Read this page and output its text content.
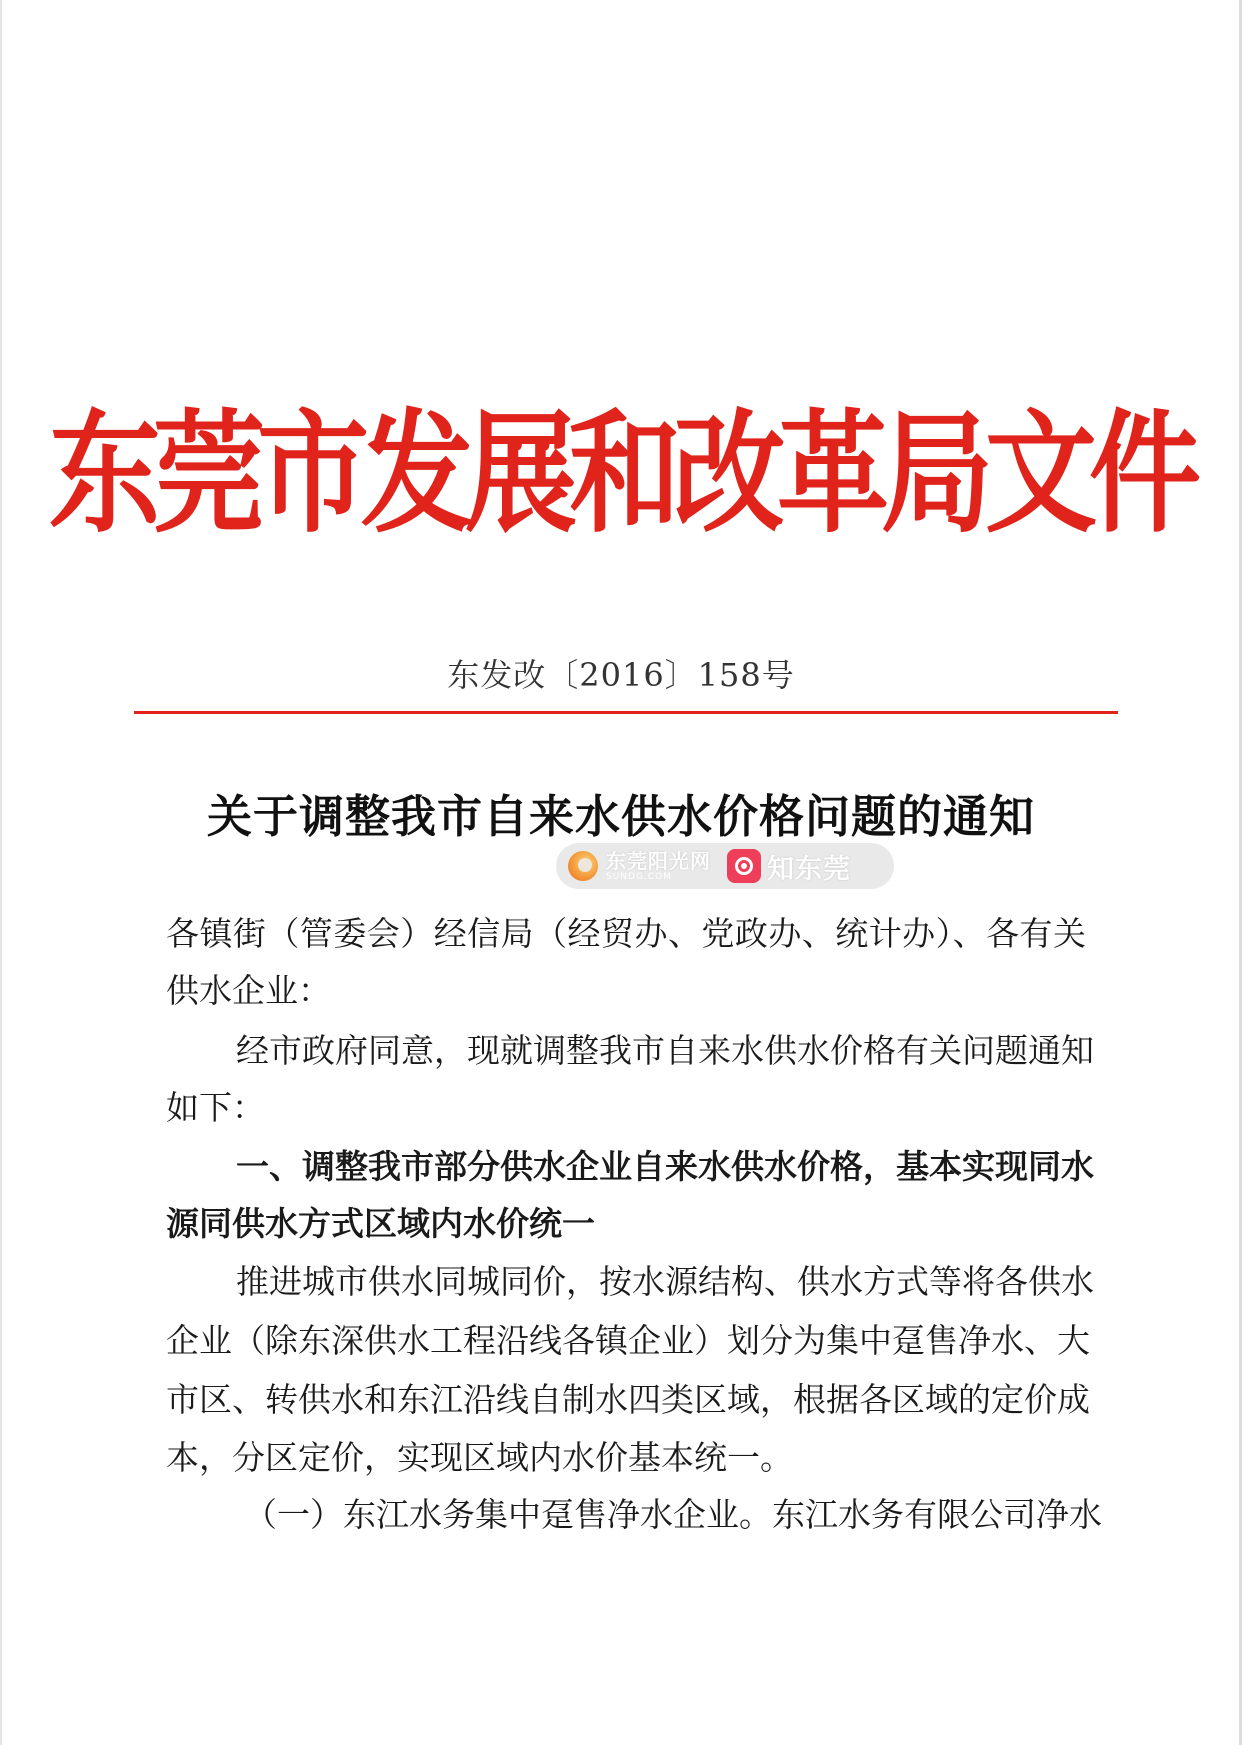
东莞市发展和改革局文件
东发改〔2016〕158号
关于调整我市自来水供水价格问题的通知
东莞阳光网
SUNDG.COM	知东莞
各镇街（管委会）经信局（经贸办、党政办、统计办）、各有关
供水企业：
经市政府同意，现就调整我市自来水供水价格有关问题通知
如下：
一、调整我市部分供水企业自来水供水价格，基本实现同水
源同供水方式区域内水价统一
推进城市供水同城同价，按水源结构、供水方式等将各供水
企业（除东深供水工程沿线各镇企业）划分为集中趸售净水、大
市区、转供水和东江沿线自制水四类区域，根据各区域的定价成
本，分区定价，实现区域内水价基本统一。
（一）东江水务集中趸售净水企业。东江水务有限公司净水
